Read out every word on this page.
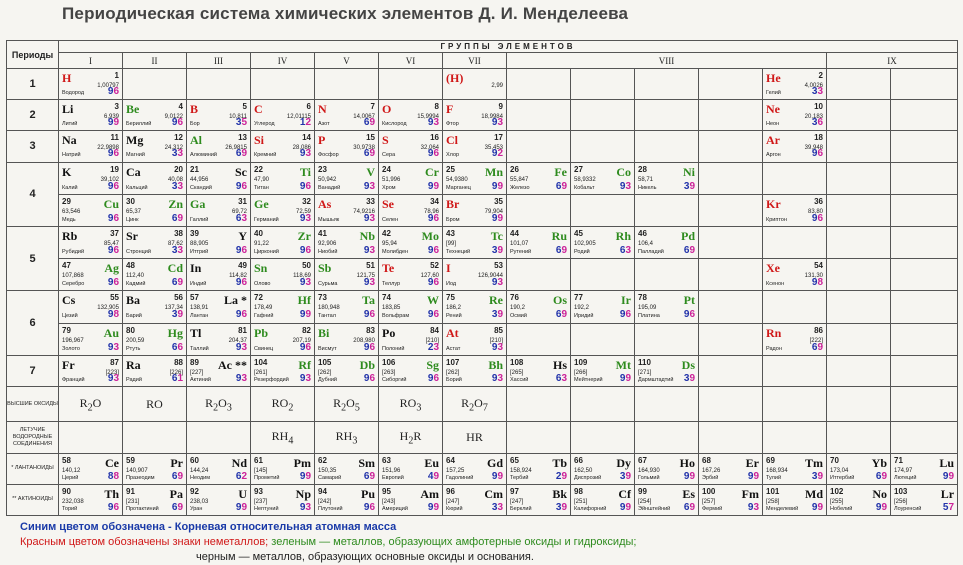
Периодическая система химических элементов Д. И. Менделеева
Периоды	ГРУППЫ ЭЛЕМЕНТОВ													
	I	II	III	IV	V	VI	VII	VIII					IX	
1	H 1
1,00797
Водород 96						(H)
2,99					He 2
4,0026
Гелий 33		

2	Li 3
6,939
Литий 99	Be 4
9,0122
Бериллий 96	B 5
10,811
Бор 35	C 6
12,01115
Углерод 12	N 7
14,0067
Азот 69	O 8
15,9994
Кислород 93	F 9
18,9984
Фтор 93					Ne 10
20,183
Неон 36		

3	Na 11
22,9898
Натрий 96	Mg 12
24,312
Магний 33	Al 13
26,9815
Алюминий 69	Si 14
28,086
Кремний 93	P 15
30,9738
Фосфор 69	S 16
32,064
Сера 96	Cl 17
35,453
Хлор 92					Ar 18
39,948
Аргон 96		

4	K 19
39,102
Калий 96	Ca 20
40,08
Кальций 33	Sc
21
44,956
Скандий 96	Ti
22
47,90
Титан 96	V
23
50,942
Ванадий 93	Cr
24
51,996
Хром 99	Mn
25
54,9380
Марганец 99	Fe
26
55,847
Железо 69	Co
27
58,9332
Кобальт 93	Ni
28
58,71
Никель 39				

	Cu
29
63,546
Медь 96	Zn
30
65,37
Цинк 69	Ga 31
69,72
Галлий 63	Ge 32
72,59
Германий 93	As 33
74,9216
Мышьяк 93	Se 34
78,96
Селен 96	Br 35
79,904
Бром 99					Kr 36
83,80
Криптон 96		

5	Rb 37
85,47
Рубидий 96	Sr 38
87,62
Стронций 33	Y
39
88,905
Иттрий 96	Zr
40
91,22
Цирконий 96	Nb
41
92,906
Ниобий 93	Mo
42
95,94
Молибден 96	Tc
43
[99]
Технеций 39	Ru
44
101,07
Рутений 69	Rh
45
102,905
Родий 63	Pd
46
106,4
Палладий 69				

	Ag
47
107,868
Серебро 96	Cd
48
112,40
Кадмий 69	In 49
114,82
Индий 96	Sn 50
118,69
Олово 93	Sb 51
121,75
Сурьма 93	Te 52
127,60
Теллур 96	I 53
126,9044
Иод 93					Xe 54
131,30
Ксенон 98		

6	Cs 55
132,905
Цезий 98	Ba 56
137,34
Барий 39	La *
57
138,91
Лантан 96	Hf
72
178,49
Гафний 99	Ta
73
180,948
Тантал 96	W
74
183,85
Вольфрам 96	Re
75
186,2
Рений 39	Os
76
190,2
Осмий 69	Ir
77
192,2
Иридий 96	Pt
78
195,09
Платина 96				

	Au
79
196,967
Золото 93	Hg
80
200,59
Ртуть 66	Tl 81
204,37
Таллий 93	Pb 82
207,19
Свинец 96	Bi 83
208,980
Висмут 96	Po 84
[210]
Полоний 23	At 85
[210]
Астат 93					Rn 86
[222]
Радон 69		

7	Fr 87
[223]
Франций 93	Ra 88
[226]
Радий 61	Ac **
89
[227]
Актиний 93	Rf
104
[261]
Резерфордий 93	Db
105
[262]
Дубний 96	Sg
106
[263]
Сиборгий 96	Bh
107
[262]
Борий 93	Hs
108
[265]
Хассий 63	Mt
109
[266]
Мейтнерий 99	Ds
110
[271]
Дармштадтий 39				

ВЫСШИЕ ОКСИДЫ	$R_2O$	RO	$R_2O_3$	$RO_2$	$R_2O_5$	$RO_3$	$R_2O_7$							
ЛЕТУЧИЕ ВОДОРОДНЫЕ СОЕДИНЕНИЯ				$RH_4$	$RH_3$	$H_2R$	HR							
* ЛАНТАНОИДЫ	58 Ce
140,12
Церий 88	59 Pr
140,907
Празеодим 69	60 Nd
144,24
Неодим 62	61 Pm
[145]
Прометий 99	62 Sm
150,35
Самарий 69	63 Eu
151,96
Европий 49	64 Gd
157,25
Гадолиний 99	65 Tb
158,924
Тербий 29	66 Dy
162,50
Диспрозий 39	67 Ho
164,930
Гольмий 99	68 Er
167,26
Эрбий 99	69 Tm
168,934
Тулий 39	70 Yb
173,04
Иттербий 69	71 Lu
174,97
Лютеций 99

** АКТИНОИДЫ	90 Th
232,038
Торий 96	91 Pa
[231]
Протактиний 69	92 U
238,03
Уран 99	93 Np
[237]
Нептуний 93	94 Pu
[242]
Плутоний 96	95 Am
[243]
Америций 99	96 Cm
[247]
Кюрий 33	97 Bk
[247]
Берклий 39	98 Cf
[251]
Калифорний 99	99 Es
[254]
Эйнштейний 69	100 Fm
[257]
Фермий 93	101 Md
[258]
Менделевий 99	102 No
[255]
Нобелий 99	103 Lr
[256]
Лоуренсий 57
Синим цветом обозначена - Корневая относительная атомная масса
Красным цветом обозначены знаки неметаллов; зеленым — металлов, образующих амфотерные оксиды и гидроксиды;
черным — металлов, образующих основные оксиды и основания.
